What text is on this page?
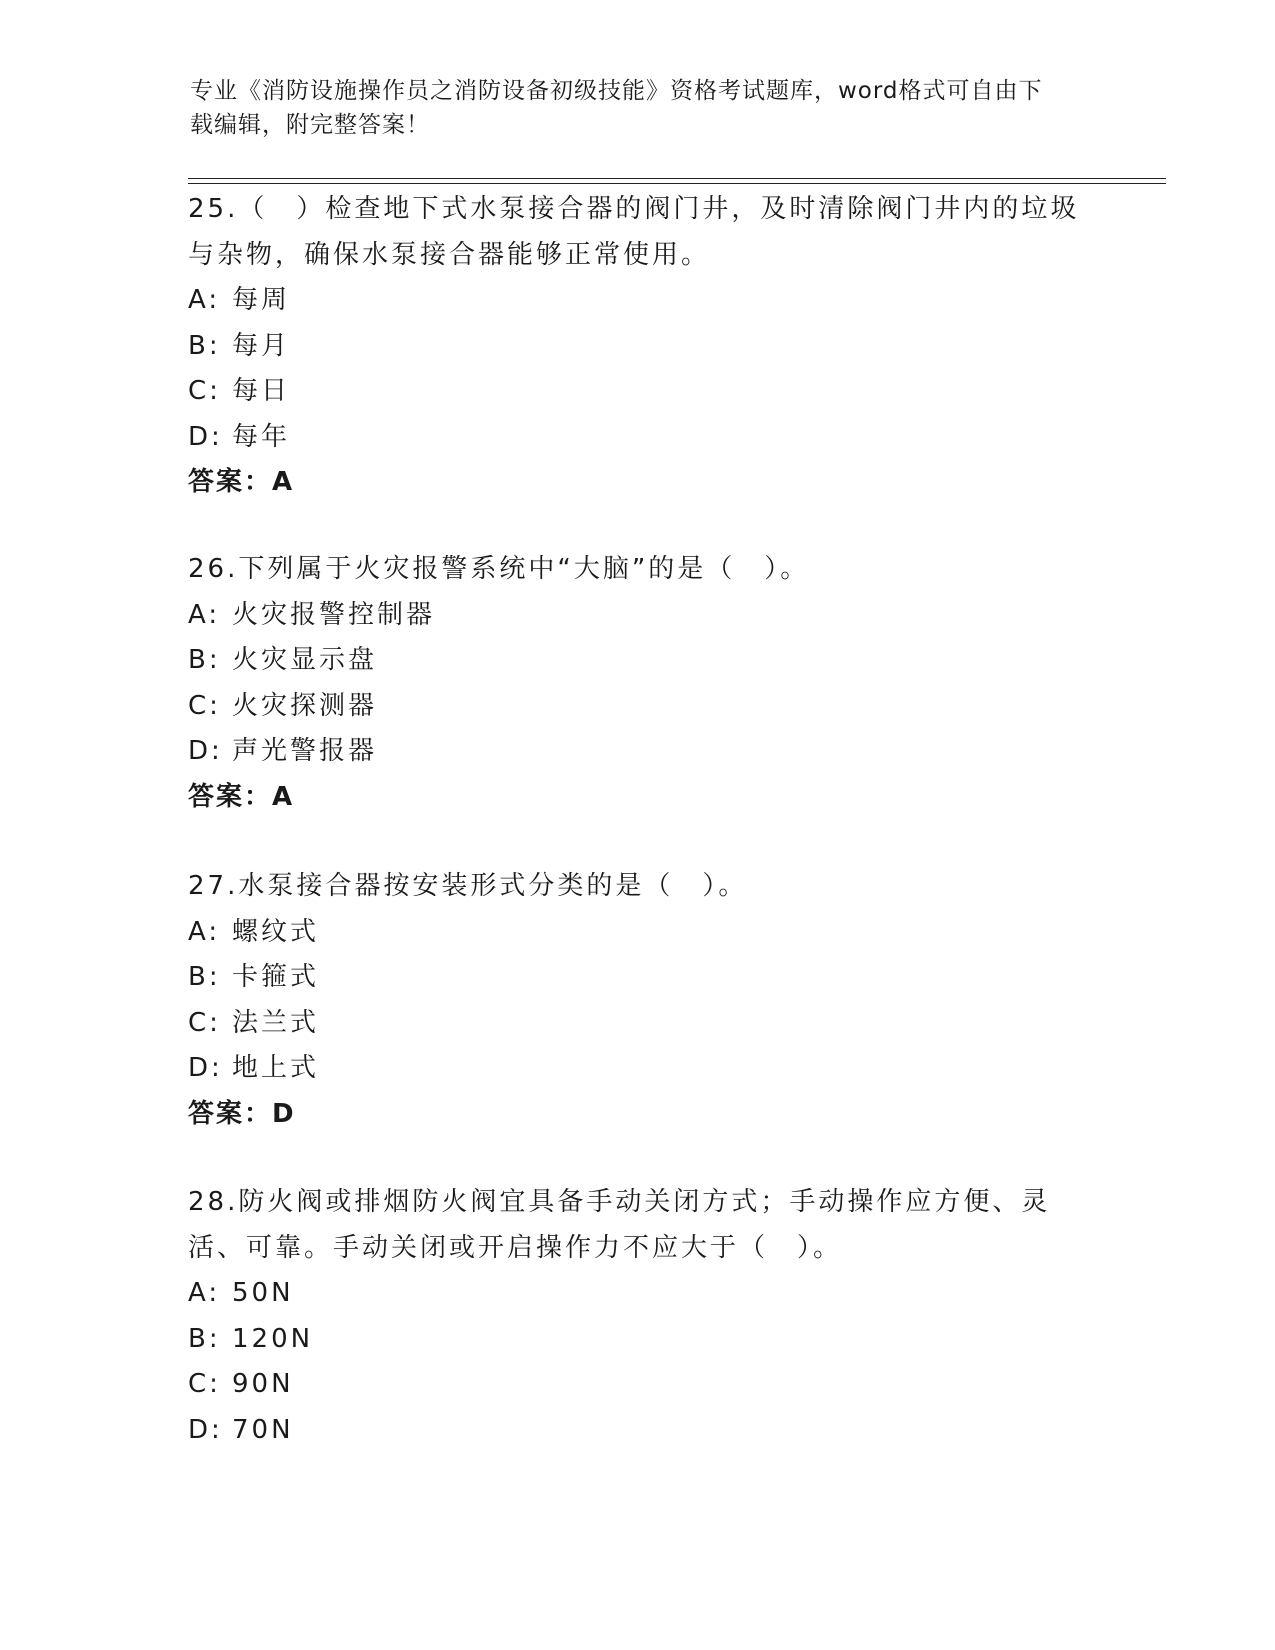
专业《消防设施操作员之消防设备初级技能》资格考试题库，word格式可自由下
载编辑，附完整答案！

25.（　）检查地下式水泵接合器的阀门井，及时清除阀门井内的垃圾与杂物，确保水泵接合器能够正常使用。

A: 每周
B: 每月
C: 每日
D: 每年
答案：A

26.下列属于火灾报警系统中“大脑”的是（　）。

A: 火灾报警控制器
B: 火灾显示盘
C: 火灾探测器
D: 声光警报器
答案：A

27.水泵接合器按安装形式分类的是（　）。

A: 螺纹式
B: 卡箍式
C: 法兰式
D: 地上式
答案：D

28.防火阀或排烟防火阀宜具备手动关闭方式；手动操作应方便、灵活、可靠。手动关闭或开启操作力不应大于（　）。

A: 50N
B: 120N
C: 90N
D: 70N
